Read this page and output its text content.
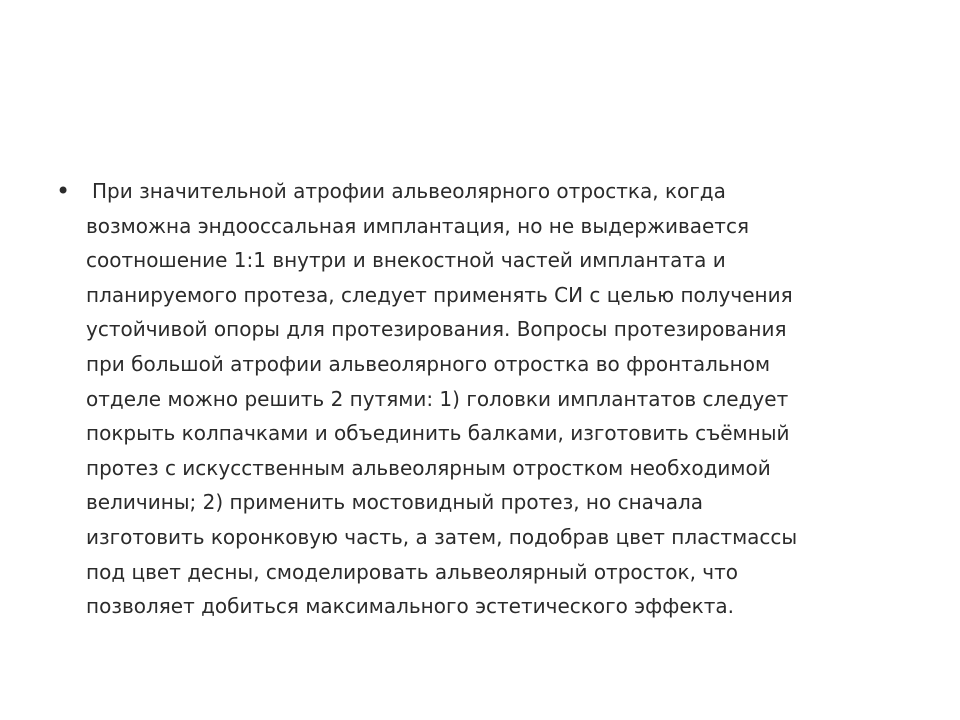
•	При значительной атрофии альвеолярного отростка, когда
возможна эндооссальная имплантация, но не выдерживается
соотношение 1:1 внутри и внекостной частей имплантата и
планируемого протеза, следует применять СИ с целью получения
устойчивой опоры для протезирования. Вопросы протезирования
при большой атрофии альвеолярного отростка во фронтальном
отделе можно решить 2 путями: 1) головки имплантатов следует
покрыть колпачками и объединить балками, изготовить съёмный
протез с искусственным альвеолярным отростком необходимой
величины; 2) применить мостовидный протез, но сначала
изготовить коронковую часть, а затем, подобрав цвет пластмассы
под цвет десны, смоделировать альвеолярный отросток, что
позволяет добиться максимального эстетического эффекта.
